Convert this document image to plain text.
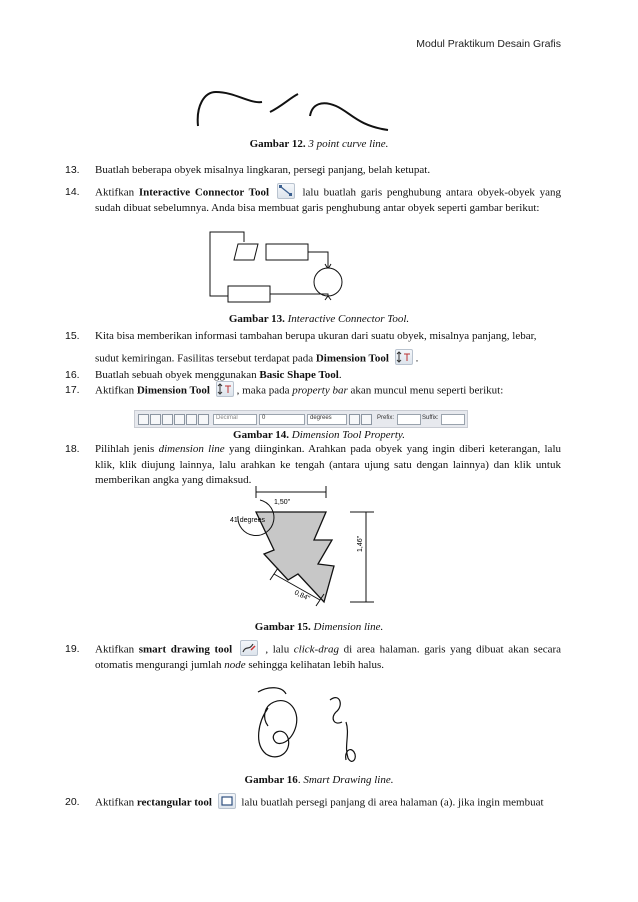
Modul Praktikum Desain Grafis
Gambar 12. 3 point curve line.
13. Buatlah beberapa obyek misalnya lingkaran, persegi panjang, belah ketupat.
14. Aktifkan Interactive Connector Tool	lalu buatlah garis penghubung antara obyek-obyek yang sudah dibuat sebelumnya. Anda bisa membuat garis penghubung antar obyek seperti gambar berikut:
Gambar 13. Interactive Connector Tool.
15. Kita bisa memberikan informasi tambahan berupa ukuran dari suatu obyek, misalnya panjang, lebar,
sudut kemiringan. Fasilitas tersebut terdapat pada Dimension Tool .
16. Buatlah sebuah obyek menggunakan Basic Shape Tool.
17. Aktifkan Dimension Tool , maka pada property bar akan muncul menu seperti berikut:
Decimal	0	degrees	Prefix:	Suffix:
Gambar 14. Dimension Tool Property.
18. Pilihlah jenis dimension line yang diinginkan. Arahkan pada obyek yang ingin diberi keterangan, lalu klik, klik diujung lainnya, lalu arahkan ke tengah (antara ujung satu dengan lainnya) dan klik untuk memberikan angka yang dimaksud.
1,50"
1,46"
41 degrees
0,84"
Gambar 15. Dimension line.
19. Aktifkan smart drawing tool	, lalu click-drag di area halaman. garis yang dibuat akan secara otomatis mengurangi jumlah node sehingga kelihatan lebih halus.
Gambar 16. Smart Drawing line.
20. Aktifkan rectangular tool	lalu buatlah persegi panjang di area halaman (a). jika ingin membuat
